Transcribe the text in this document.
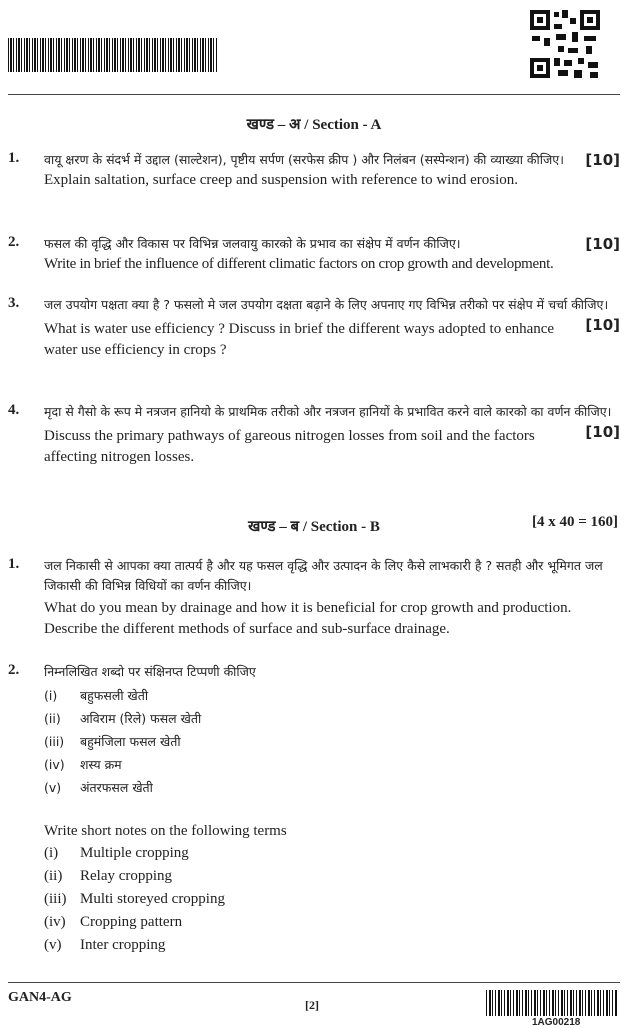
खण्ड – अ / Section - A
1. वायू क्षरण के संदर्भ में उद्दाल (साल्टेशन), पृष्टीय सर्पण (सरफेस क्रीप ) और निलंबन (सस्पेन्शन) की व्याख्या कीजिए। [10]
Explain saltation, surface creep and suspension with reference to wind erosion.
2. फसल की वृद्धि और विकास पर विभिन्न जलवायु कारको के प्रभाव का संक्षेप में वर्णन कीजिए।	[10]
Write in brief the influence of different climatic factors on crop growth and development.
3. जल उपयोग पक्षता क्या है ? फसलो मे जल उपयोग दक्षता बढ़ाने के लिए अपनाए गए विभिन्न तरीको पर संक्षेप में चर्चा कीजिए।
[10]
What is water use efficiency ? Discuss in brief the different ways adopted to enhance water use efficiency in crops ?
4. मृदा से गैसो के रूप मे नत्रजन हानियो के प्राथमिक तरीको और नत्रजन हानियों के प्रभावित करने वाले कारको का वर्णन कीजिए।
[10]
Discuss the primary pathways of gareous nitrogen losses from soil and the factors affecting nitrogen losses.
खण्ड – ब / Section - B	[4 x 40 = 160]
1. जल निकासी से आपका क्या तात्पर्य है और यह फसल वृद्धि और उत्पादन के लिए कैसे लाभकारी है ? सतही और भूमिगत जल जिकासी की विभिन्न विधियों का वर्णन कीजिए।
What do you mean by drainage and how it is beneficial for crop growth and production. Describe the different methods of surface and sub-surface drainage.
2. निम्नलिखित शब्दो पर संक्षिनप्त टिप्पणी कीजिए
(i) बहुफसली खेती
(ii) अविराम (रिले) फसल खेती
(iii) बहुमंजिला फसल खेती
(iv) शस्य क्रम
(v) अंतरफसल खेती
Write short notes on the following terms
(i) Multiple cropping
(ii) Relay cropping
(iii) Multi storeyed cropping
(iv) Cropping pattern
(v) Inter cropping
GAN4-AG	[2]
1AG00218
